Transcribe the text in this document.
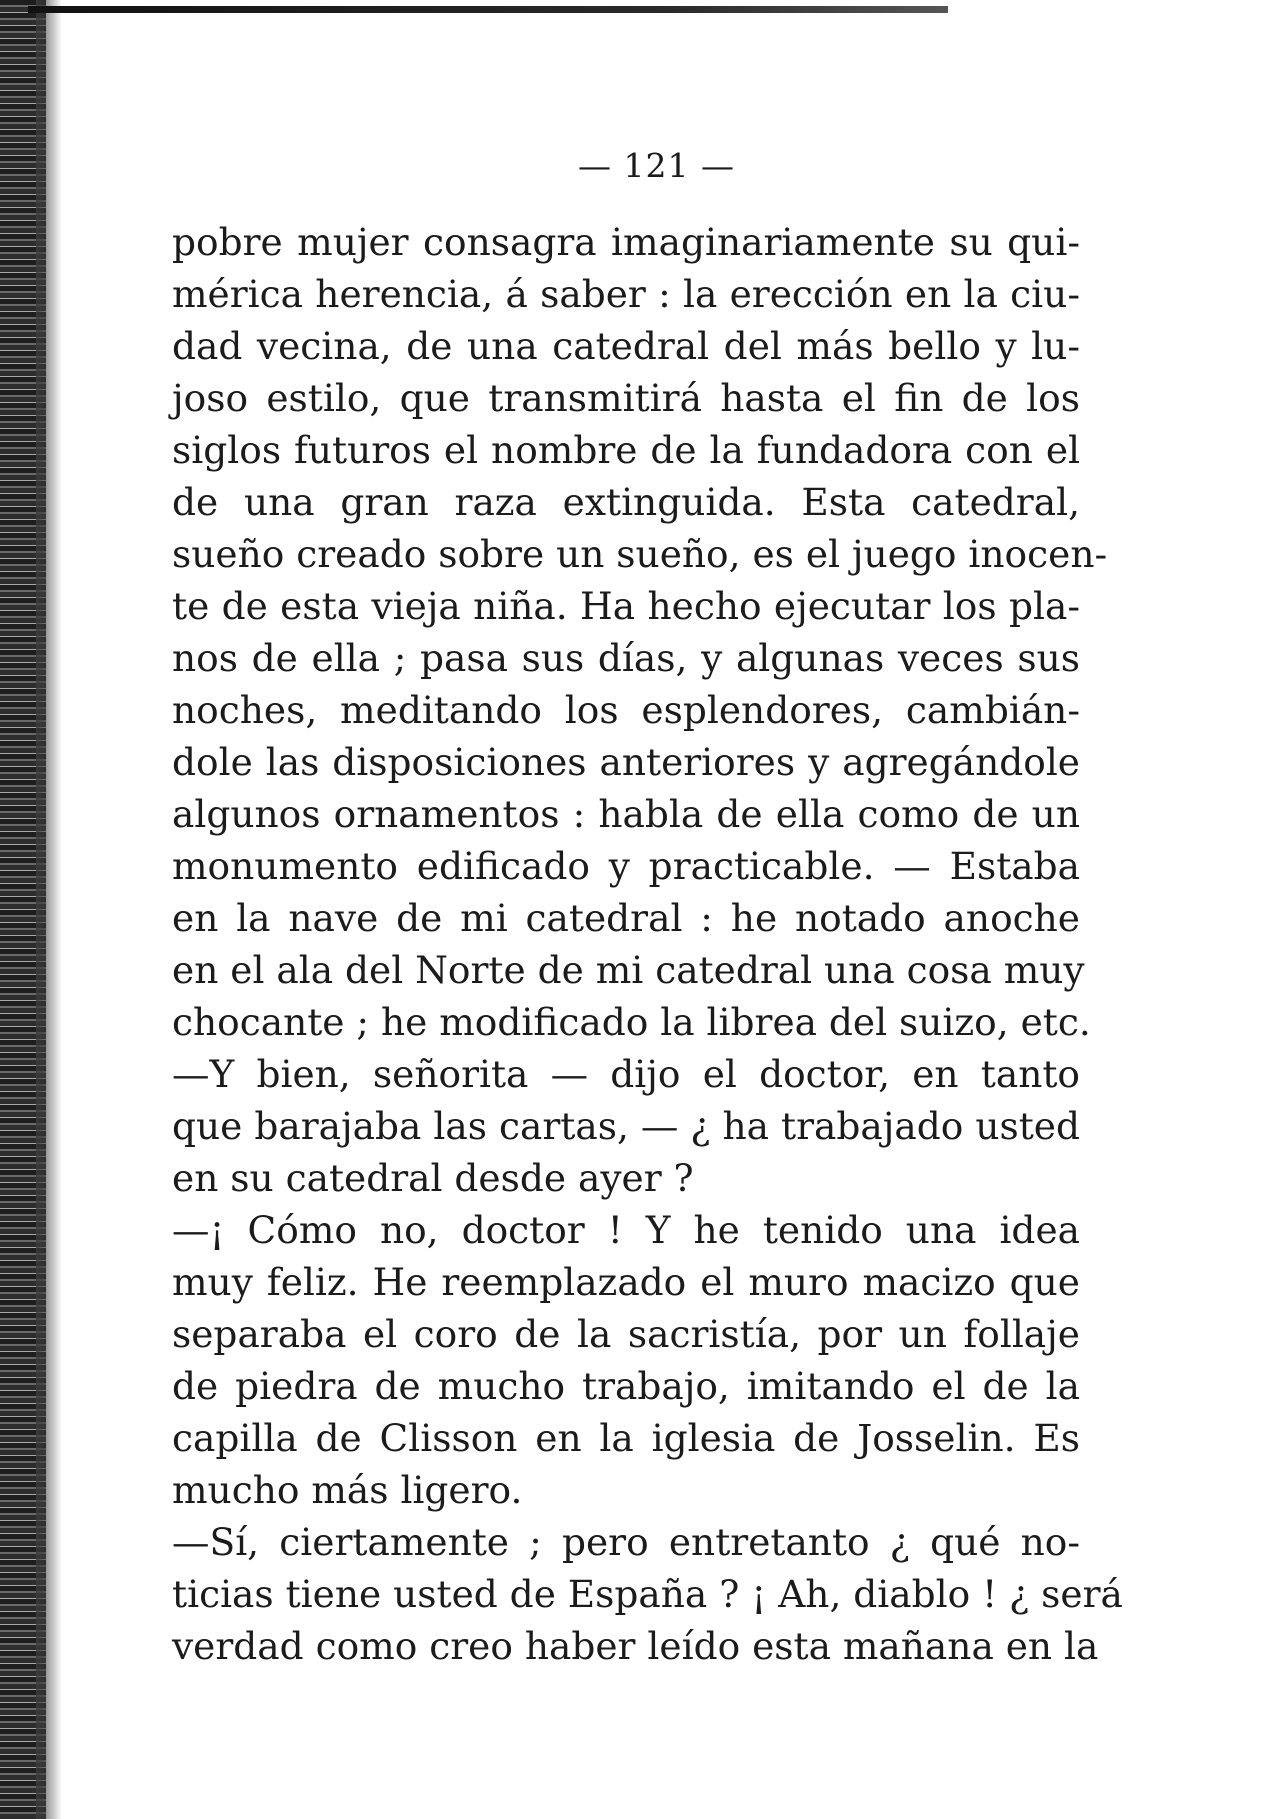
— 121 —

pobre mujer consagra imaginariamente su qui-
mérica herencia, á saber : la erección en la ciu-
dad vecina, de una catedral del más bello y lu-
joso estilo, que transmitirá hasta el fin de los
siglos futuros el nombre de la fundadora con el
de una gran raza extinguida. Esta catedral,
sueño creado sobre un sueño, es el juego inocen-
te de esta vieja niña. Ha hecho ejecutar los pla-
nos de ella ; pasa sus días, y algunas veces sus
noches, meditando los esplendores, cambián-
dole las disposiciones anteriores y agregándole
algunos ornamentos : habla de ella como de un
monumento edificado y practicable. — Estaba
en la nave de mi catedral : he notado anoche
en el ala del Norte de mi catedral una cosa muy
chocante ; he modificado la librea del suizo, etc.

—Y bien, señorita — dijo el doctor, en tanto
que barajaba las cartas, — ¿ ha trabajado usted
en su catedral desde ayer ?

—¡ Cómo no, doctor ! Y he tenido una idea
muy feliz. He reemplazado el muro macizo que
separaba el coro de la sacristía, por un follaje
de piedra de mucho trabajo, imitando el de la
capilla de Clisson en la iglesia de Josselin. Es
mucho más ligero.

—Sí, ciertamente ; pero entretanto ¿ qué no-
ticias tiene usted de España ? ¡ Ah, diablo ! ¿ será
verdad como creo haber leído esta mañana en la
